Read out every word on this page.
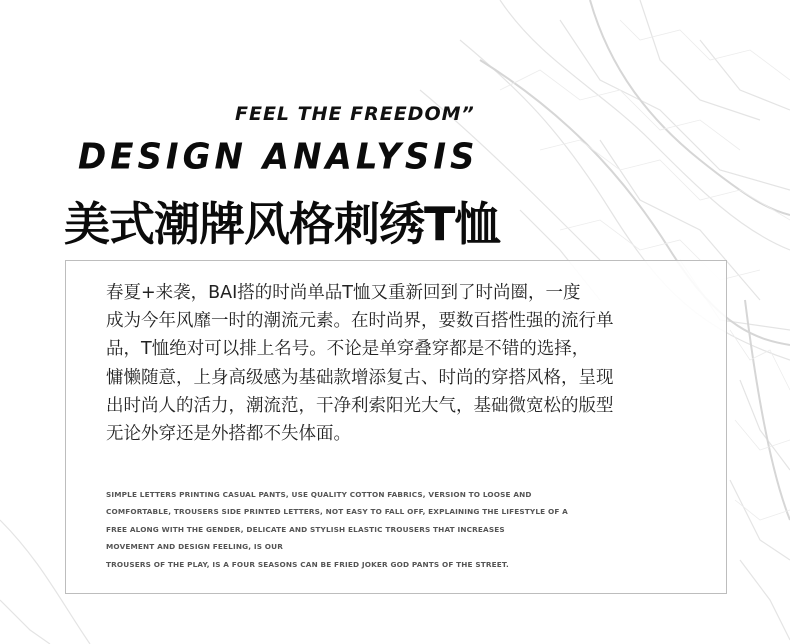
FEEL THE FREEDOM”
DESIGN ANALYSIS
美式潮牌风格刺绣T恤
春夏+来袭，BAI搭的时尚单品T恤又重新回到了时尚圈，一度
成为今年风靡一时的潮流元素。在时尚界，要数百搭性强的流行单
品，T恤绝对可以排上名号。不论是单穿叠穿都是不错的选择，
慵懒随意，上身高级感为基础款增添复古、时尚的穿搭风格，呈现
出时尚人的活力，潮流范，干净利索阳光大气，基础微宽松的版型
无论外穿还是外搭都不失体面。
SIMPLE LETTERS PRINTING CASUAL PANTS, USE QUALITY COTTON FABRICS, VERSION TO LOOSE AND
COMFORTABLE, TROUSERS SIDE PRINTED LETTERS, NOT EASY TO FALL OFF, EXPLAINING THE LIFESTYLE OF A
FREE ALONG WITH THE GENDER, DELICATE AND STYLISH ELASTIC TROUSERS THAT INCREASES
MOVEMENT AND DESIGN FEELING, IS OUR
TROUSERS OF THE PLAY, IS A FOUR SEASONS CAN BE FRIED JOKER GOD PANTS OF THE STREET.
